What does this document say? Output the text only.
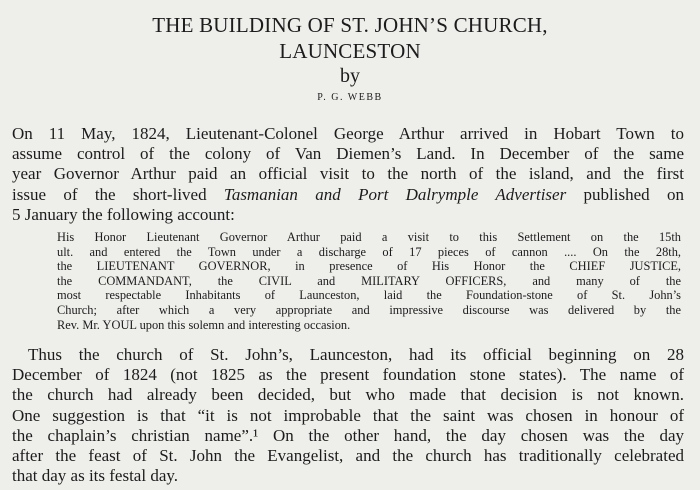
THE BUILDING OF ST. JOHN’S CHURCH,
LAUNCESTON
by
P. G. WEBB
On 11 May, 1824, Lieutenant-Colonel George Arthur arrived in Hobart Town to
assume control of the colony of Van Diemen’s Land. In December of the same
year Governor Arthur paid an official visit to the north of the island, and the first
issue of the short-lived Tasmanian and Port Dalrymple Advertiser published on
5 January the following account:
His Honor Lieutenant Governor Arthur paid a visit to this Settlement on the 15th
ult. and entered the Town under a discharge of 17 pieces of cannon .... On the 28th,
the LIEUTENANT GOVERNOR, in presence of His Honor the CHIEF JUSTICE,
the COMMANDANT, the CIVIL and MILITARY OFFICERS, and many of the
most respectable Inhabitants of Launceston, laid the Foundation-stone of St. John’s
Church; after which a very appropriate and impressive discourse was delivered by the
Rev. Mr. YOUL upon this solemn and interesting occasion.
Thus the church of St. John’s, Launceston, had its official beginning on 28
December of 1824 (not 1825 as the present foundation stone states). The name of
the church had already been decided, but who made that decision is not known.
One suggestion is that “it is not improbable that the saint was chosen in honour of
the chaplain’s christian name”.¹ On the other hand, the day chosen was the day
after the feast of St. John the Evangelist, and the church has traditionally celebrated
that day as its festal day.
